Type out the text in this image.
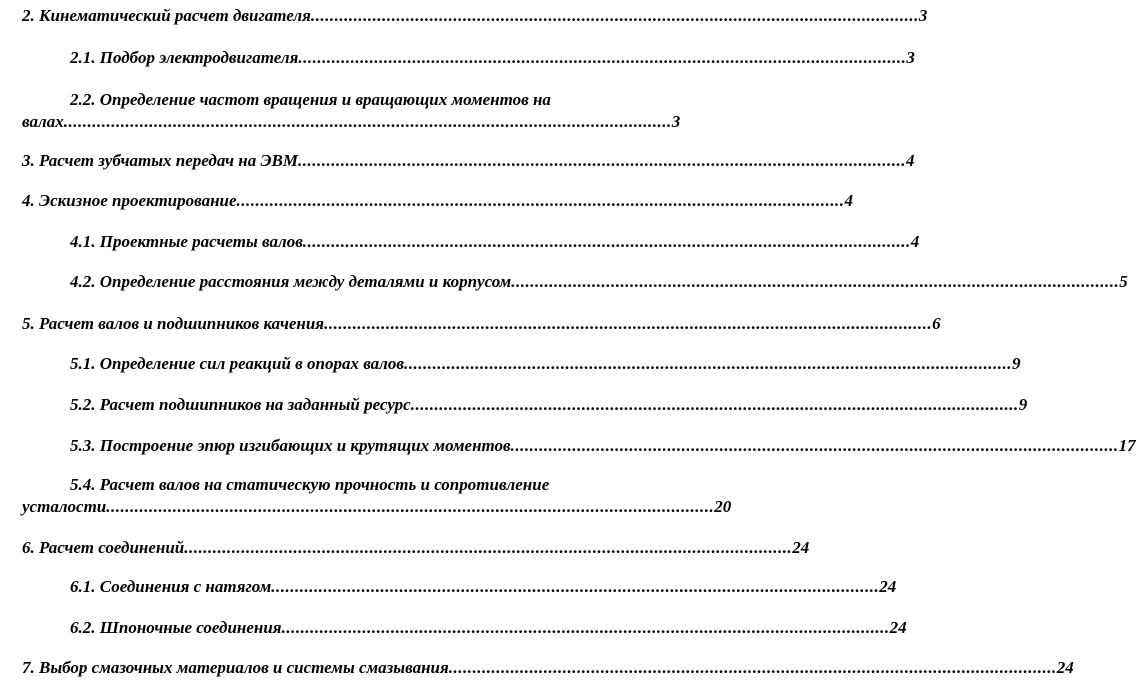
2. Кинематический расчет двигателя ................................................................................................................................ 3
2.1. Подбор электродвигателя ................................................................................................................................ 3
2.2. Определение частот вращения и вращающих моментов на
валах ................................................................................................................................ 3
3. Расчет зубчатых передач на ЭВМ ................................................................................................................................ 4
4. Эскизное проектирование ................................................................................................................................ 4
4.1. Проектные расчеты валов ................................................................................................................................ 4
4.2. Определение расстояния между деталями и корпусом ................................................................................................................................ 5
5. Расчет валов и подшипников качения ................................................................................................................................ 6
5.1. Определение сил реакций в опорах валов ................................................................................................................................ 9
5.2. Расчет подшипников на заданный ресурс ................................................................................................................................ 9
5.3. Построение эпюр изгибающих и крутящих моментов ................................................................................................................................ 17
5.4. Расчет валов на статическую прочность и сопротивление
усталости ................................................................................................................................ 20
6. Расчет соединений ................................................................................................................................ 24
6.1. Соединения с натягом ................................................................................................................................ 24
6.2. Шпоночные соединения ................................................................................................................................ 24
7. Выбор смазочных материалов и системы смазывания ................................................................................................................................ 24
